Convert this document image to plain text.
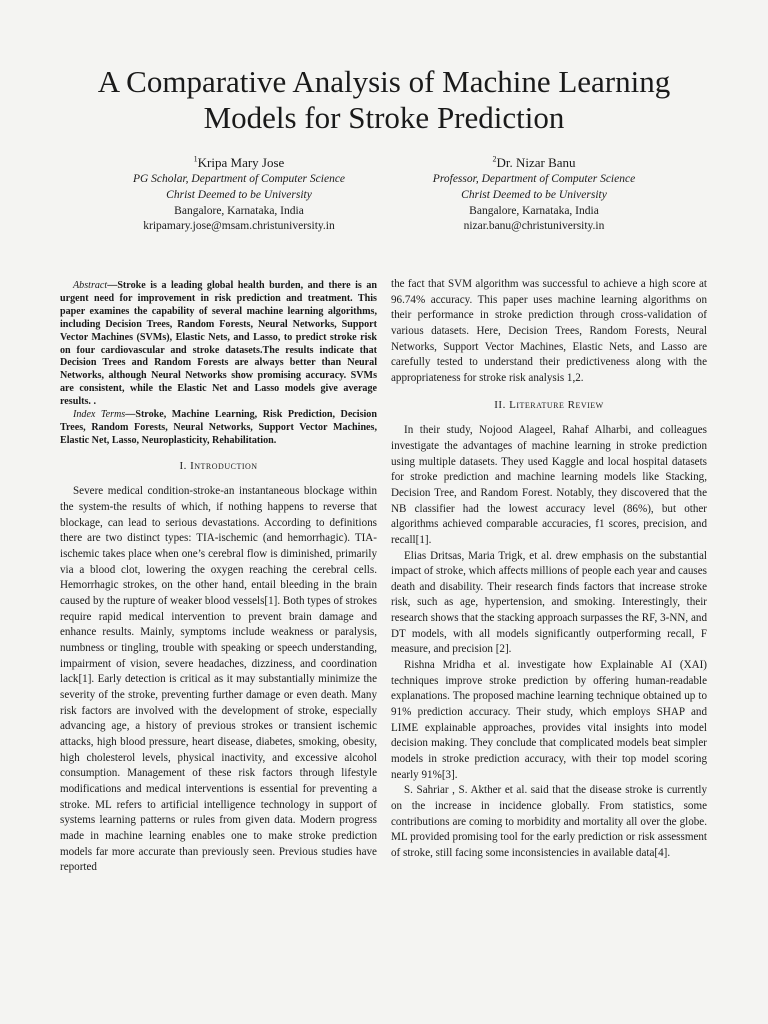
A Comparative Analysis of Machine Learning
Models for Stroke Prediction
$^1$Kripa Mary Jose
PG Scholar, Department of Computer Science
Christ Deemed to be University
Bangalore, Karnataka, India
kripamary.jose@msam.christuniversity.in
$^2$Dr. Nizar Banu
Professor, Department of Computer Science
Christ Deemed to be University
Bangalore, Karnataka, India
nizar.banu@christuniversity.in

Abstract—Stroke is a leading global health burden, and there is an urgent need for improvement in risk prediction and treatment. This paper examines the capability of several machine learning algorithms, including Decision Trees, Random Forests, Neural Networks, Support Vector Machines (SVMs), Elastic Nets, and Lasso, to predict stroke risk on four cardiovascular and stroke datasets.The results indicate that Decision Trees and Random Forests are always better than Neural Networks, although Neural Networks show promising accuracy. SVMs are consistent, while the Elastic Net and Lasso models give average results. .

Index Terms—Stroke, Machine Learning, Risk Prediction, Decision Trees, Random Forests, Neural Networks, Support Vector Machines, Elastic Net, Lasso, Neuroplasticity, Rehabilitation.

I. Introduction

Severe medical condition-stroke-an instantaneous blockage within the system-the results of which, if nothing happens to reverse that blockage, can lead to serious devastations. According to definitions there are two distinct types: TIA-ischemic (and hemorrhagic). TIA-ischemic takes place when one’s cerebral flow is diminished, primarily via a blood clot, lowering the oxygen reaching the cerebral cells. Hemorrhagic strokes, on the other hand, entail bleeding in the brain caused by the rupture of weaker blood vessels[1]. Both types of strokes require rapid medical intervention to prevent brain damage and enhance results. Mainly, symptoms include weakness or paralysis, numbness or tingling, trouble with speaking or speech understanding, impairment of vision, severe headaches, dizziness, and coordination lack[1]. Early detection is critical as it may substantially minimize the severity of the stroke, preventing further damage or even death. Many risk factors are involved with the development of stroke, especially advancing age, a history of previous strokes or transient ischemic attacks, high blood pressure, heart disease, diabetes, smoking, obesity, high cholesterol levels, physical inactivity, and excessive alcohol consumption. Management of these risk factors through lifestyle modifications and medical interventions is essential for preventing a stroke. ML refers to artificial intelligence technology in support of systems learning patterns or rules from given data. Modern progress made in machine learning enables one to make stroke prediction models far more accurate than previously seen. Previous studies have reported

the fact that SVM algorithm was successful to achieve a high score at 96.74% accuracy. This paper uses machine learning algorithms on their performance in stroke prediction through cross-validation of various datasets. Here, Decision Trees, Random Forests, Neural Networks, Support Vector Machines, Elastic Nets, and Lasso are carefully tested to understand their predictiveness along with the appropriateness for stroke risk analysis 1,2.

II. Literature Review

In their study, Nojood Alageel, Rahaf Alharbi, and colleagues investigate the advantages of machine learning in stroke prediction using multiple datasets. They used Kaggle and local hospital datasets for stroke prediction and machine learning models like Stacking, Decision Tree, and Random Forest. Notably, they discovered that the NB classifier had the lowest accuracy level (86%), but other algorithms achieved comparable accuracies, f1 scores, precision, and recall[1].

Elias Dritsas, Maria Trigk, et al. drew emphasis on the substantial impact of stroke, which affects millions of people each year and causes death and disability. Their research finds factors that increase stroke risk, such as age, hypertension, and smoking. Interestingly, their research shows that the stacking approach surpasses the RF, 3-NN, and DT models, with all models significantly outperforming recall, F measure, and precision [2].

Rishna Mridha et al. investigate how Explainable AI (XAI) techniques improve stroke prediction by offering human-readable explanations. The proposed machine learning technique obtained up to 91% prediction accuracy. Their study, which employs SHAP and LIME explainable approaches, provides vital insights into model decision making. They conclude that complicated models beat simpler models in stroke prediction accuracy, with their top model scoring nearly 91%[3].

S. Sahriar , S. Akther et al. said that the disease stroke is currently on the increase in incidence globally. From statistics, some contributions are coming to morbidity and mortality all over the globe. ML provided promising tool for the early prediction or risk assessment of stroke, still facing some inconsistencies in available data[4].
